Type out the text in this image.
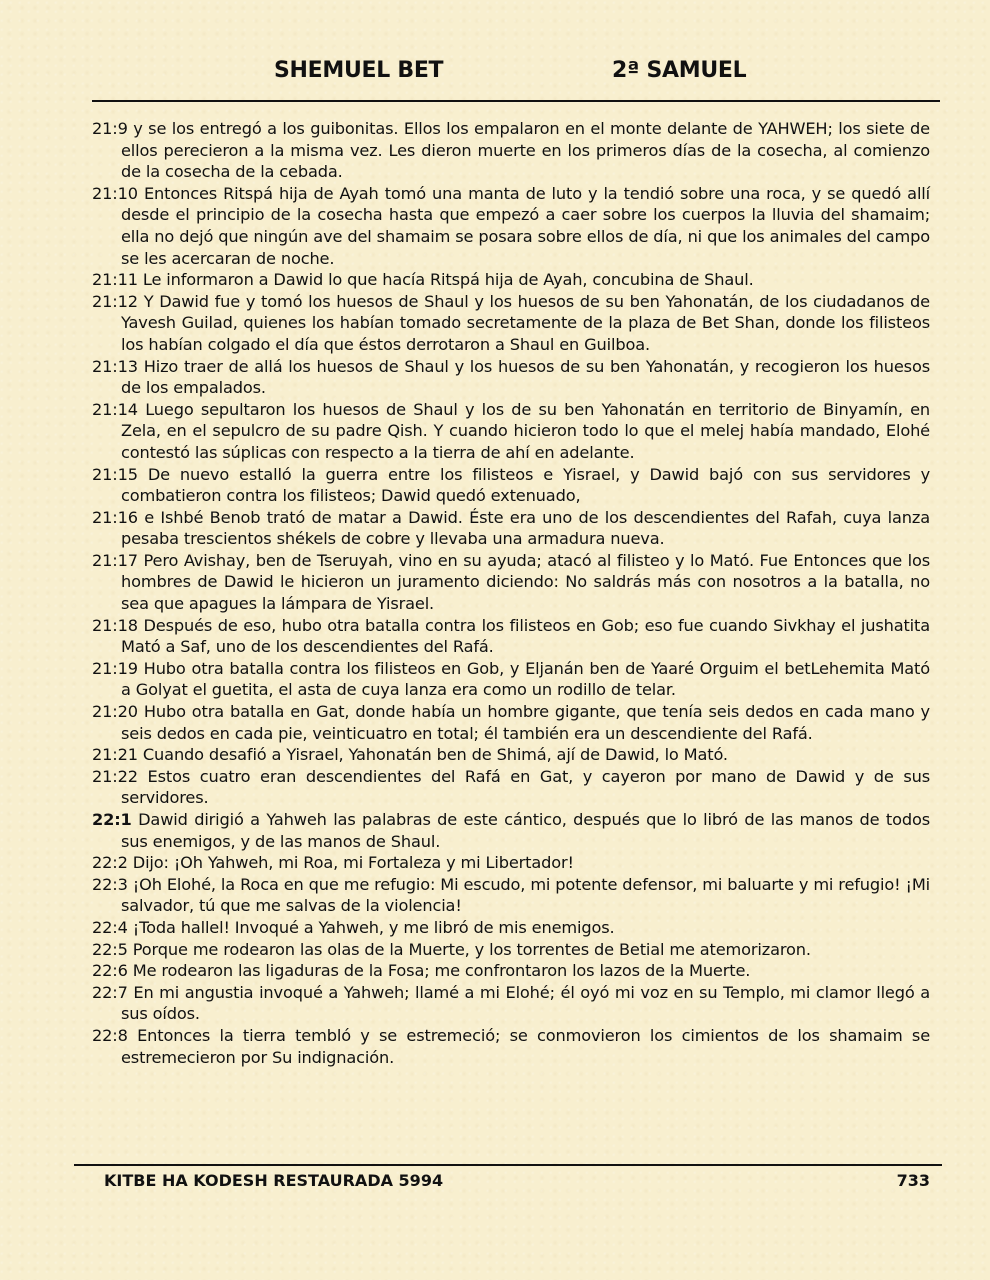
SHEMUEL BET	2ª SAMUEL
21:9 y se los entregó a los guibonitas. Ellos los empalaron en el monte delante de YAHWEH; los siete de ellos perecieron a la misma vez. Les dieron muerte en los primeros días de la cosecha, al comienzo de la cosecha de la cebada.
21:10 Entonces Ritspá hija de Ayah tomó una manta de luto y la tendió sobre una roca, y se quedó allí desde el principio de la cosecha hasta que empezó a caer sobre los cuerpos la lluvia del shamaim; ella no dejó que ningún ave del shamaim se posara sobre ellos de día, ni que los animales del campo se les acercaran de noche.
21:11 Le informaron a Dawid lo que hacía Ritspá hija de Ayah, concubina de Shaul.
21:12 Y Dawid fue y tomó los huesos de Shaul y los huesos de su ben Yahonatán, de los ciudadanos de Yavesh Guilad, quienes los habían tomado secretamente de la plaza de Bet Shan, donde los filisteos los habían colgado el día que éstos derrotaron a Shaul en Guilboa.
21:13 Hizo traer de allá los huesos de Shaul y los huesos de su ben Yahonatán, y recogieron los huesos de los empalados.
21:14 Luego sepultaron los huesos de Shaul y los de su ben Yahonatán en territorio de Binyamín, en Zela, en el sepulcro de su padre Qish. Y cuando hicieron todo lo que el melej había mandado, Elohé contestó las súplicas con respecto a la tierra de ahí en adelante.
21:15 De nuevo estalló la guerra entre los filisteos e Yisrael, y Dawid bajó con sus servidores y combatieron contra los filisteos; Dawid quedó extenuado,
21:16 e Ishbé Benob trató de matar a Dawid. Éste era uno de los descendientes del Rafah, cuya lanza pesaba trescientos shékels de cobre y llevaba una armadura nueva.
21:17 Pero Avishay, ben de Tseruyah, vino en su ayuda; atacó al filisteo y lo Mató. Fue Entonces que los hombres de Dawid le hicieron un juramento diciendo: No saldrás más con nosotros a la batalla, no sea que apagues la lámpara de Yisrael.
21:18 Después de eso, hubo otra batalla contra los filisteos en Gob; eso fue cuando Sivkhay el jushatita Mató a Saf, uno de los descendientes del Rafá.
21:19 Hubo otra batalla contra los filisteos en Gob, y Eljanán ben de Yaaré Orguim el betLehemita Mató a Golyat el guetita, el asta de cuya lanza era como un rodillo de telar.
21:20 Hubo otra batalla en Gat, donde había un hombre gigante, que tenía seis dedos en cada mano y seis dedos en cada pie, veinticuatro en total; él también era un descendiente del Rafá.
21:21 Cuando desafió a Yisrael, Yahonatán ben de Shimá, ají de Dawid, lo Mató.
21:22 Estos cuatro eran descendientes del Rafá en Gat, y cayeron por mano de Dawid y de sus servidores.
22:1 Dawid dirigió a Yahweh las palabras de este cántico, después que lo libró de las manos de todos sus enemigos, y de las manos de Shaul.
22:2 Dijo: ¡Oh Yahweh, mi Roa, mi Fortaleza y mi Libertador!
22:3 ¡Oh Elohé, la Roca en que me refugio: Mi escudo, mi potente defensor, mi baluarte y mi refugio! ¡Mi salvador, tú que me salvas de la violencia!
22:4 ¡Toda hallel! Invoqué a Yahweh, y me libró de mis enemigos.
22:5 Porque me rodearon las olas de la Muerte, y los torrentes de Betial me atemorizaron.
22:6 Me rodearon las ligaduras de la Fosa; me confrontaron los lazos de la Muerte.
22:7 En mi angustia invoqué a Yahweh; llamé a mi Elohé; él oyó mi voz en su Templo, mi clamor llegó a sus oídos.
22:8 Entonces la tierra tembló y se estremeció; se conmovieron los cimientos de los shamaim se estremecieron por Su indignación.
KITBE HA KODESH RESTAURADA 5994	733
